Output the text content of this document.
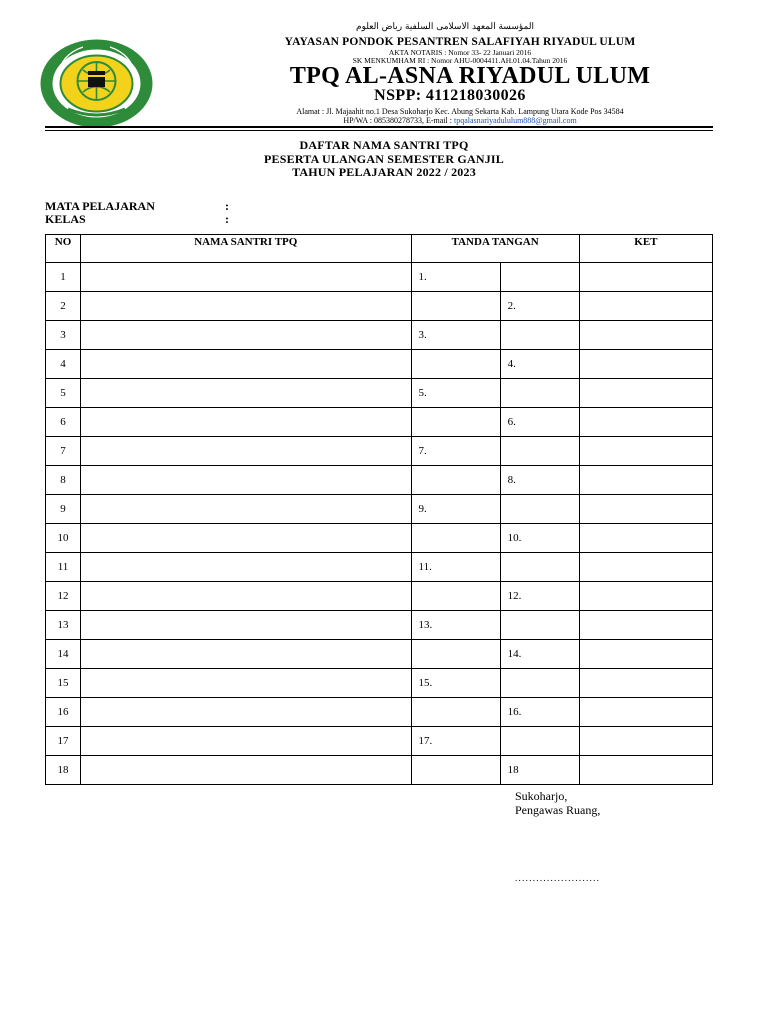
المؤسسة المعهد الاسلامى السلفية رياض العلوم
YAYASAN PONDOK PESANTREN SALAFIYAH RIYADUL ULUM
AKTA NOTARIS : Nomor 33- 22 Januari 2016
SK MENKUMHAM RI : Nomor AHU-0004411.AH.01.04.Tahun 2016
TPQ AL-ASNA RIYADUL ULUM
NSPP: 411218030026
Alamat : Jl. Majaahit no.1 Desa Sukoharjo Kec. Abung Sekarta Kab. Lampung Utara Kode Pos 34584
HP/WA : 085380278733, E-mail : tpqalasnariyadululum888@gmail.com
DAFTAR NAMA SANTRI TPQ
PESERTA ULANGAN SEMESTER GANJIL
TAHUN PELAJARAN 2022 / 2023
MATA PELAJARAN	:
KELAS	:
NO	NAMA SANTRI TPQ	TANDA TANGAN		KET
1		1.		
2			2.	
3		3.		
4			4.	
5		5.		
6			6.	
7		7.		
8			8.	
9		9.		
10			10.	
11		11.		
12			12.	
13		13.		
14			14.	
15		15.		
16			16.	
17		17.		
18			18	
Sukoharjo,
Pengawas Ruang,
........................
